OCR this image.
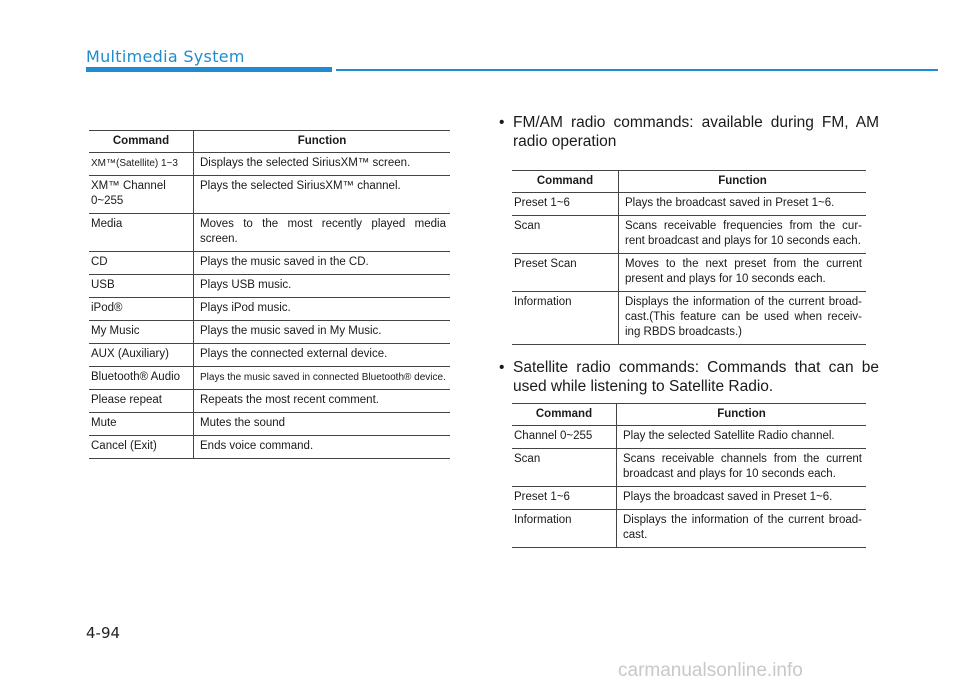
Multimedia System
Command	Function
XM™(Satellite) 1~3	Displays the selected SiriusXM™ screen.
XM™ Channel 0~255	Plays the selected SiriusXM™ channel.
Media	Moves to the most recently played media screen.
CD	Plays the music saved in the CD.
USB	Plays USB music.
iPod®	Plays iPod music.
My Music	Plays the music saved in My Music.
AUX (Auxiliary)	Plays the connected external device.
Bluetooth® Audio	Plays the music saved in connected Bluetooth® device.
Please repeat	Repeats the most recent comment.
Mute	Mutes the sound
Cancel (Exit)	Ends voice command.
• FM/AM radio commands: available during FM, AM radio operation
Command	Function
Preset 1~6	Plays the broadcast saved in Preset 1~6.
Scan	Scans receivable frequencies from the cur-rent broadcast and plays for 10 seconds each.
Preset Scan	Moves to the next preset from the current present and plays for 10 seconds each.
Information	Displays the information of the current broad-cast.(This feature can be used when receiv-ing RBDS broadcasts.)
• Satellite radio commands: Commands that can be used while listening to Satellite Radio.
Command	Function
Channel 0~255	Play the selected Satellite Radio channel.
Scan	Scans receivable channels from the current broadcast and plays for 10 seconds each.
Preset 1~6	Plays the broadcast saved in Preset 1~6.
Information	Displays the information of the current broad-cast.
4-94
carmanualsonline.info
